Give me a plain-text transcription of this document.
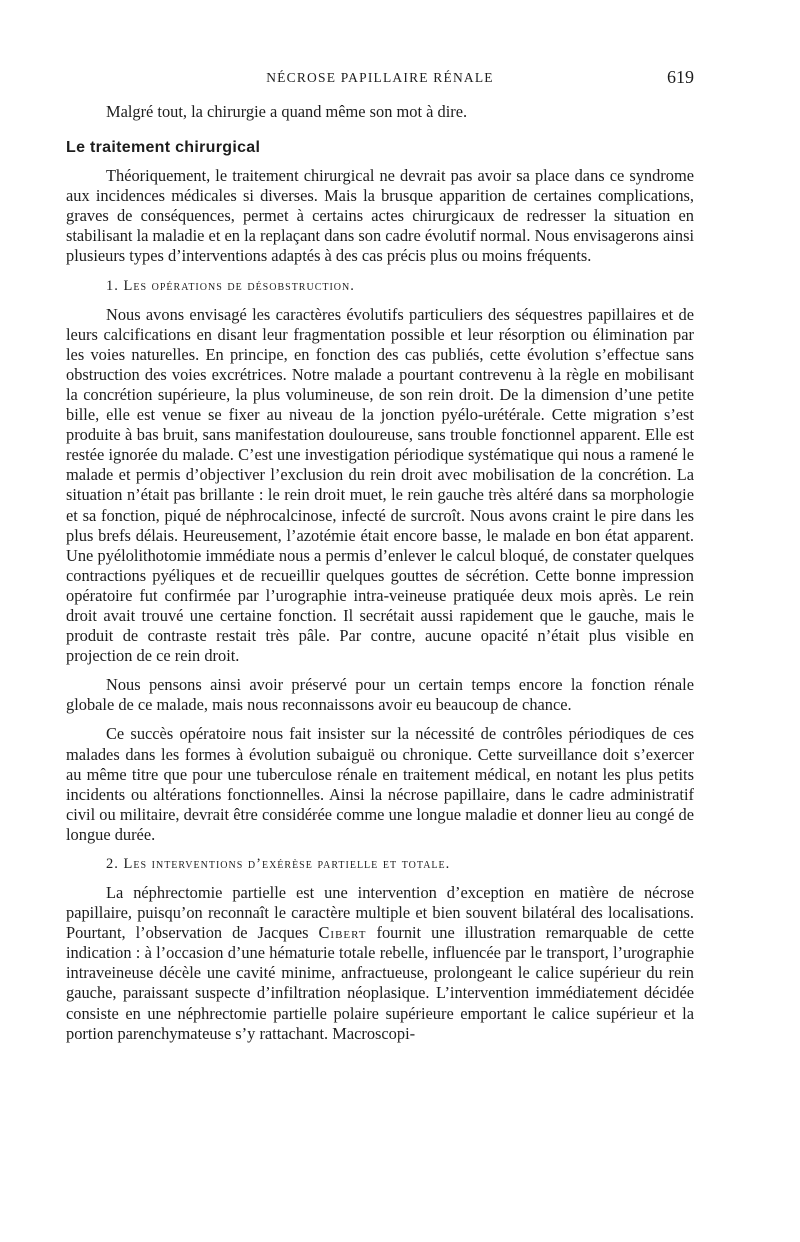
NÉCROSE PAPILLAIRE RÉNALE	619

Malgré tout, la chirurgie a quand même son mot à dire.

Le traitement chirurgical

Théoriquement, le traitement chirurgical ne devrait pas avoir sa place dans ce syndrome aux incidences médicales si diverses. Mais la brusque apparition de certaines complications, graves de conséquences, permet à certains actes chirurgicaux de redresser la situation en stabilisant la maladie et en la replaçant dans son cadre évolutif normal. Nous envisagerons ainsi plusieurs types d’interventions adaptés à des cas précis plus ou moins fréquents.

1. Les opérations de désobstruction.

Nous avons envisagé les caractères évolutifs particuliers des séquestres papillaires et de leurs calcifications en disant leur fragmentation possible et leur résorption ou élimination par les voies naturelles. En principe, en fonction des cas publiés, cette évolution s’effectue sans obstruction des voies excrétrices. Notre malade a pourtant contrevenu à la règle en mobilisant la concrétion supérieure, la plus volumineuse, de son rein droit. De la dimension d’une petite bille, elle est venue se fixer au niveau de la jonction pyélo-urétérale. Cette migration s’est produite à bas bruit, sans manifestation douloureuse, sans trouble fonctionnel apparent. Elle est restée ignorée du malade. C’est une investigation périodique systématique qui nous a ramené le malade et permis d’objectiver l’exclusion du rein droit avec mobilisation de la concrétion. La situation n’était pas brillante : le rein droit muet, le rein gauche très altéré dans sa morphologie et sa fonction, piqué de néphrocalcinose, infecté de surcroît. Nous avons craint le pire dans les plus brefs délais. Heureusement, l’azotémie était encore basse, le malade en bon état apparent. Une pyélolithotomie immédiate nous a permis d’enlever le calcul bloqué, de constater quelques contractions pyéliques et de recueillir quelques gouttes de sécrétion. Cette bonne impression opératoire fut confirmée par l’urographie intra-veineuse pratiquée deux mois après. Le rein droit avait trouvé une certaine fonction. Il secrétait aussi rapidement que le gauche, mais le produit de contraste restait très pâle. Par contre, aucune opacité n’était plus visible en projection de ce rein droit.

Nous pensons ainsi avoir préservé pour un certain temps encore la fonction rénale globale de ce malade, mais nous reconnaissons avoir eu beaucoup de chance.

Ce succès opératoire nous fait insister sur la nécessité de contrôles périodiques de ces malades dans les formes à évolution subaiguë ou chronique. Cette surveillance doit s’exercer au même titre que pour une tuberculose rénale en traitement médical, en notant les plus petits incidents ou altérations fonctionnelles. Ainsi la nécrose papillaire, dans le cadre administratif civil ou militaire, devrait être considérée comme une longue maladie et donner lieu au congé de longue durée.

2. Les interventions d’exérèse partielle et totale.

La néphrectomie partielle est une intervention d’exception en matière de nécrose papillaire, puisqu’on reconnaît le caractère multiple et bien souvent bilatéral des localisations. Pourtant, l’observation de Jacques Cibert fournit une illustration remarquable de cette indication : à l’occasion d’une hématurie totale rebelle, influencée par le transport, l’urographie intraveineuse décèle une cavité minime, anfractueuse, prolongeant le calice supérieur du rein gauche, paraissant suspecte d’infiltration néoplasique. L’intervention immédiatement décidée consiste en une néphrectomie partielle polaire supérieure emportant le calice supérieur et la portion parenchymateuse s’y rattachant. Macroscopi-
